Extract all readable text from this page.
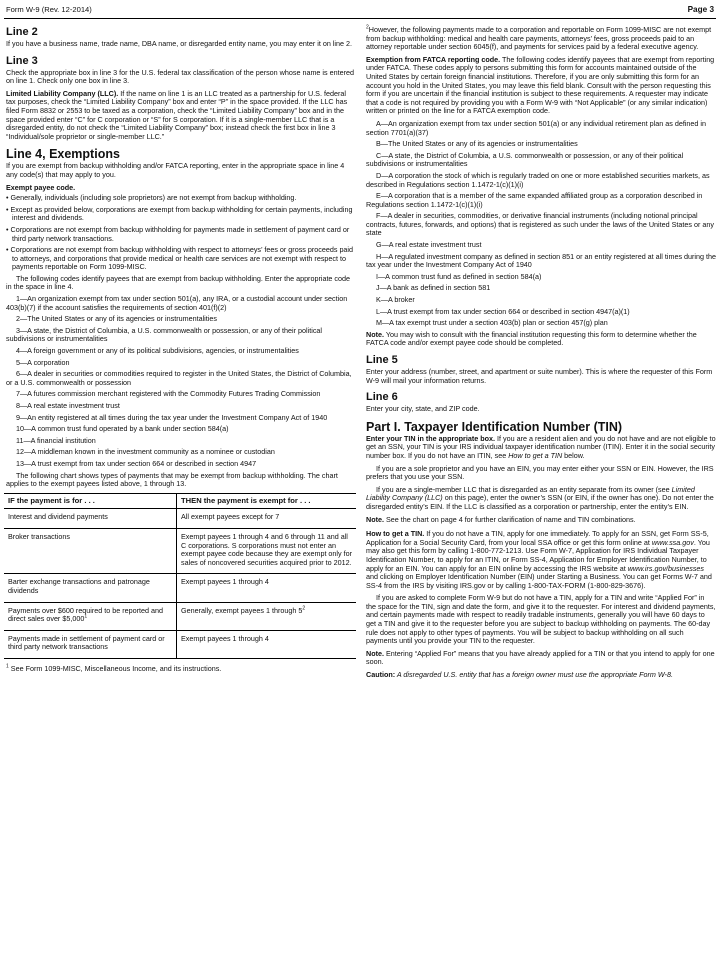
Form W-9 (Rev. 12-2014)	Page 3
Line 2

If you have a business name, trade name, DBA name, or disregarded entity name, you may enter it on line 2.

Line 3

Check the appropriate box in line 3 for the U.S. federal tax classification of the person whose name is entered on line 1. Check only one box in line 3.

Limited Liability Company (LLC). If the name on line 1 is an LLC treated as a partnership for U.S. federal tax purposes, check the “Limited Liability Company” box and enter “P” in the space provided. If the LLC has filed Form 8832 or 2553 to be taxed as a corporation, check the “Limited Liability Company” box and in the space provided enter “C” for C corporation or “S” for S corporation. If it is a single-member LLC that is a disregarded entity, do not check the “Limited Liability Company” box; instead check the first box in line 3 “Individual/sole proprietor or single-member LLC.”

Line 4, Exemptions

If you are exempt from backup withholding and/or FATCA reporting, enter in the appropriate space in line 4 any code(s) that may apply to you.

Exempt payee code.

• Generally, individuals (including sole proprietors) are not exempt from backup withholding.

• Except as provided below, corporations are exempt from backup withholding for certain payments, including interest and dividends.

• Corporations are not exempt from backup withholding for payments made in settlement of payment card or third party network transactions.

• Corporations are not exempt from backup withholding with respect to attorneys’ fees or gross proceeds paid to attorneys, and corporations that provide medical or health care services are not exempt with respect to payments reportable on Form 1099-MISC.

The following codes identify payees that are exempt from backup withholding. Enter the appropriate code in the space in line 4.

1—An organization exempt from tax under section 501(a), any IRA, or a custodial account under section 403(b)(7) if the account satisfies the requirements of section 401(f)(2)

2—The United States or any of its agencies or instrumentalities

3—A state, the District of Columbia, a U.S. commonwealth or possession, or any of their political subdivisions or instrumentalities

4—A foreign government or any of its political subdivisions, agencies, or instrumentalities

5—A corporation

6—A dealer in securities or commodities required to register in the United States, the District of Columbia, or a U.S. commonwealth or possession

7—A futures commission merchant registered with the Commodity Futures Trading Commission

8—A real estate investment trust

9—An entity registered at all times during the tax year under the Investment Company Act of 1940

10—A common trust fund operated by a bank under section 584(a)

11—A financial institution

12—A middleman known in the investment community as a nominee or custodian

13—A trust exempt from tax under section 664 or described in section 4947

The following chart shows types of payments that may be exempt from backup withholding. The chart applies to the exempt payees listed above, 1 through 13.

IF the payment is for . . .	THEN the payment is exempt for . . .
Interest and dividend payments	All exempt payees except for 7
Broker transactions	Exempt payees 1 through 4 and 6 through 11 and all C corporations. S corporations must not enter an exempt payee code because they are exempt only for sales of noncovered securities acquired prior to 2012.
Barter exchange transactions and patronage dividends	Exempt payees 1 through 4
Payments over $600 required to be reported and direct sales over $5,000$^1$	Generally, exempt payees 1 through $5^2$
Payments made in settlement of payment card or third party network transactions	Exempt payees 1 through 4
$^1$ See Form 1099-MISC, Miscellaneous Income, and its instructions.

$^2$However, the following payments made to a corporation and reportable on Form 1099-MISC are not exempt from backup withholding: medical and health care payments, attorneys’ fees, gross proceeds paid to an attorney reportable under section 6045(f), and payments for services paid by a federal executive agency.

Exemption from FATCA reporting code. The following codes identify payees that are exempt from reporting under FATCA. These codes apply to persons submitting this form for accounts maintained outside of the United States by certain foreign financial institutions. Therefore, if you are only submitting this form for an account you hold in the United States, you may leave this field blank. Consult with the person requesting this form if you are uncertain if the financial institution is subject to these requirements. A requester may indicate that a code is not required by providing you with a Form W-9 with “Not Applicable” (or any similar indication) written or printed on the line for a FATCA exemption code.

A—An organization exempt from tax under section 501(a) or any individual retirement plan as defined in section 7701(a)(37)

B—The United States or any of its agencies or instrumentalities

C—A state, the District of Columbia, a U.S. commonwealth or possession, or any of their political subdivisions or instrumentalities

D—A corporation the stock of which is regularly traded on one or more established securities markets, as described in Regulations section 1.1472-1(c)(1)(i)

E—A corporation that is a member of the same expanded affiliated group as a corporation described in Regulations section 1.1472-1(c)(1)(i)

F—A dealer in securities, commodities, or derivative financial instruments (including notional principal contracts, futures, forwards, and options) that is registered as such under the laws of the United States or any state

G—A real estate investment trust

H—A regulated investment company as defined in section 851 or an entity registered at all times during the tax year under the Investment Company Act of 1940

I—A common trust fund as defined in section 584(a)

J—A bank as defined in section 581

K—A broker

L—A trust exempt from tax under section 664 or described in section 4947(a)(1)

M—A tax exempt trust under a section 403(b) plan or section 457(g) plan

Note. You may wish to consult with the financial institution requesting this form to determine whether the FATCA code and/or exempt payee code should be completed.

Line 5

Enter your address (number, street, and apartment or suite number). This is where the requester of this Form W-9 will mail your information returns.

Line 6

Enter your city, state, and ZIP code.

Part I. Taxpayer Identification Number (TIN)

Enter your TIN in the appropriate box. If you are a resident alien and you do not have and are not eligible to get an SSN, your TIN is your IRS individual taxpayer identification number (ITIN). Enter it in the social security number box. If you do not have an ITIN, see How to get a TIN below.

If you are a sole proprietor and you have an EIN, you may enter either your SSN or EIN. However, the IRS prefers that you use your SSN.

If you are a single-member LLC that is disregarded as an entity separate from its owner (see Limited Liability Company (LLC) on this page), enter the owner’s SSN (or EIN, if the owner has one). Do not enter the disregarded entity’s EIN. If the LLC is classified as a corporation or partnership, enter the entity’s EIN.

Note. See the chart on page 4 for further clarification of name and TIN combinations.

How to get a TIN. If you do not have a TIN, apply for one immediately. To apply for an SSN, get Form SS-5, Application for a Social Security Card, from your local SSA office or get this form online at www.ssa.gov. You may also get this form by calling 1-800-772-1213. Use Form W-7, Application for IRS Individual Taxpayer Identification Number, to apply for an ITIN, or Form SS-4, Application for Employer Identification Number, to apply for an EIN. You can apply for an EIN online by accessing the IRS website at www.irs.gov/businesses and clicking on Employer Identification Number (EIN) under Starting a Business. You can get Forms W-7 and SS-4 from the IRS by visiting IRS.gov or by calling 1-800-TAX-FORM (1-800-829-3676).

If you are asked to complete Form W-9 but do not have a TIN, apply for a TIN and write “Applied For” in the space for the TIN, sign and date the form, and give it to the requester. For interest and dividend payments, and certain payments made with respect to readily tradable instruments, generally you will have 60 days to get a TIN and give it to the requester before you are subject to backup withholding on payments. The 60-day rule does not apply to other types of payments. You will be subject to backup withholding on all such payments until you provide your TIN to the requester.

Note. Entering “Applied For” means that you have already applied for a TIN or that you intend to apply for one soon.

Caution: A disregarded U.S. entity that has a foreign owner must use the appropriate Form W-8.
